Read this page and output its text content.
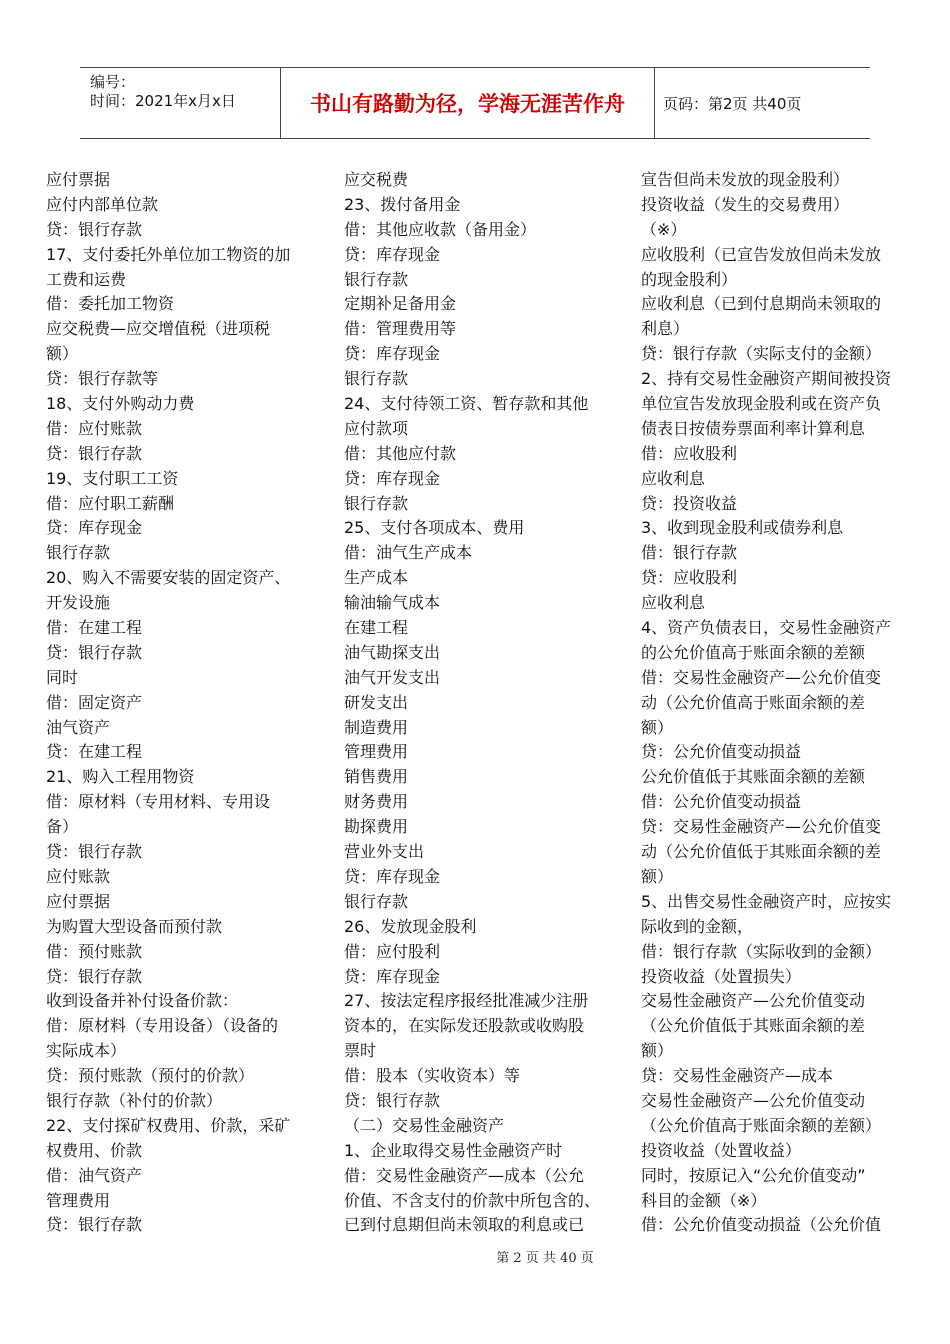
编号：
时间：2021年x月x日	书山有路勤为径，学海无涯苦作舟	页码：第2页 共40页
应付票据
应付内部单位款
贷：银行存款
17、支付委托外单位加工物资的加
工费和运费
借：委托加工物资
应交税费—应交增值税（进项税
额）
贷：银行存款等
18、支付外购动力费
借：应付账款
贷：银行存款
19、支付职工工资
借：应付职工薪酬
贷：库存现金
银行存款
20、购入不需要安装的固定资产、
开发设施
借：在建工程
贷：银行存款
同时
借：固定资产
油气资产
贷：在建工程
21、购入工程用物资
借：原材料（专用材料、专用设
备）
贷：银行存款
应付账款
应付票据
为购置大型设备而预付款
借：预付账款
贷：银行存款
收到设备并补付设备价款：
借：原材料（专用设备）（设备的
实际成本）
贷：预付账款（预付的价款）
银行存款（补付的价款）
22、支付探矿权费用、价款，采矿
权费用、价款
借：油气资产
管理费用
贷：银行存款
应交税费
23、拨付备用金
借：其他应收款（备用金）
贷：库存现金
银行存款
定期补足备用金
借：管理费用等
贷：库存现金
银行存款
24、支付待领工资、暂存款和其他
应付款项
借：其他应付款
贷：库存现金
银行存款
25、支付各项成本、费用
借：油气生产成本
生产成本
输油输气成本
在建工程
油气勘探支出
油气开发支出
研发支出
制造费用
管理费用
销售费用
财务费用
勘探费用
营业外支出
贷：库存现金
银行存款
26、发放现金股利
借：应付股利
贷：库存现金
27、按法定程序报经批准减少注册
资本的，在实际发还股款或收购股
票时
借：股本（实收资本）等
贷：银行存款
（二）交易性金融资产
1、企业取得交易性金融资产时
借：交易性金融资产—成本（公允
价值、不含支付的价款中所包含的、
已到付息期但尚未领取的利息或已
宣告但尚未发放的现金股利）
投资收益（发生的交易费用）
（※）
应收股利（已宣告发放但尚未发放
的现金股利）
应收利息（已到付息期尚未领取的
利息）
贷：银行存款（实际支付的金额）
2、持有交易性金融资产期间被投资
单位宣告发放现金股利或在资产负
债表日按债券票面利率计算利息
借：应收股利
应收利息
贷：投资收益
3、收到现金股利或债券利息
借：银行存款
贷：应收股利
应收利息
4、资产负债表日，交易性金融资产
的公允价值高于账面余额的差额
借：交易性金融资产—公允价值变
动（公允价值高于账面余额的差
额）
贷：公允价值变动损益
公允价值低于其账面余额的差额
借：公允价值变动损益
贷：交易性金融资产—公允价值变
动（公允价值低于其账面余额的差
额）
5、出售交易性金融资产时，应按实
际收到的金额，
借：银行存款（实际收到的金额）
投资收益（处置损失）
交易性金融资产—公允价值变动
（公允价值低于其账面余额的差
额）
贷：交易性金融资产—成本
交易性金融资产—公允价值变动
（公允价值高于账面余额的差额）
投资收益（处置收益）
同时，按原记入“公允价值变动”
科目的金额（※）
借：公允价值变动损益（公允价值
第 2 页 共 40 页
